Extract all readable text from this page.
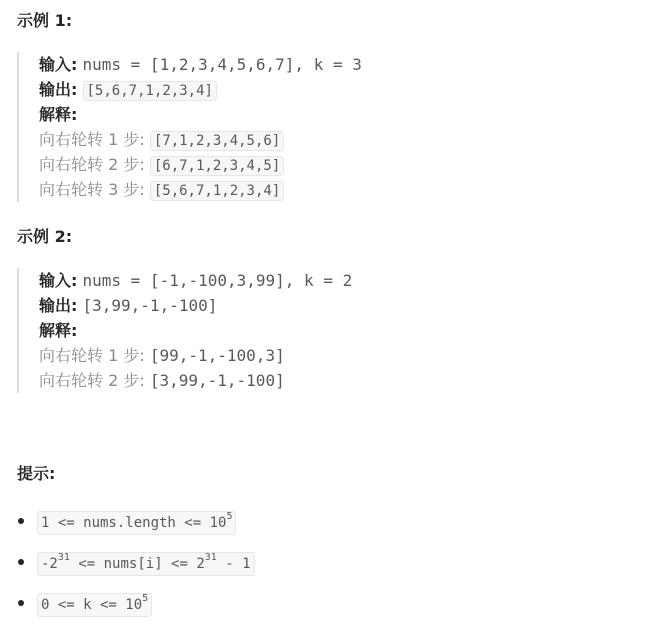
示例 1:
输入: nums = [1,2,3,4,5,6,7], k = 3
输出: [5,6,7,1,2,3,4]
解释:
向右轮转 1 步: [7,1,2,3,4,5,6]
向右轮转 2 步: [6,7,1,2,3,4,5]
向右轮转 3 步: [5,6,7,1,2,3,4]
示例 2:
输入: nums = [-1,-100,3,99], k = 2
输出: [3,99,-1,-100]
解释:
向右轮转 1 步: [99,-1,-100,3]
向右轮转 2 步: [3,99,-1,-100]
提示:
1 <= nums.length <= $10^5$
$-2^{31}$ <= nums[i] <= $2^{31} - 1$
$0 <= k <= 10^5$
